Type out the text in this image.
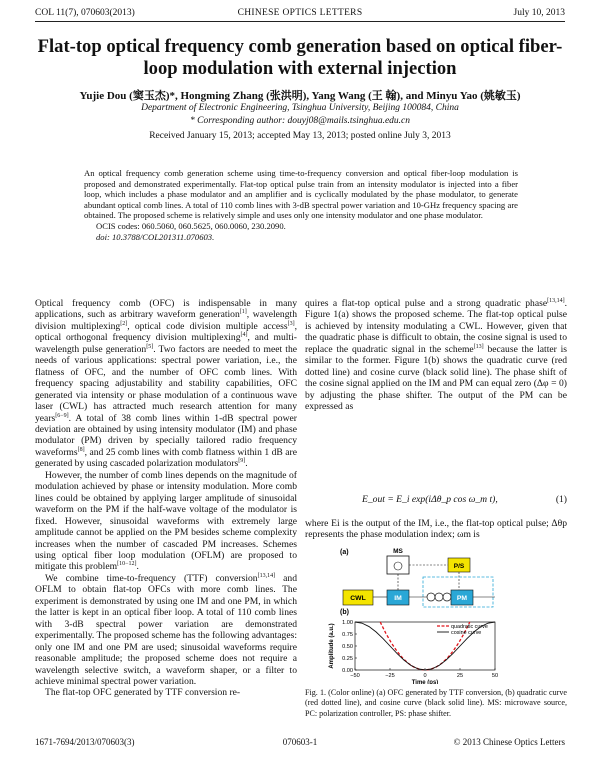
COL 11(7), 070603(2013)	CHINESE OPTICS LETTERS	July 10, 2013
Flat-top optical frequency comb generation based on optical fiber-loop modulation with external injection
Yujie Dou (窦玉杰)*, Hongming Zhang (张洪明), Yang Wang (王 翰), and Minyu Yao (姚敏玉)
Department of Electronic Engineering, Tsinghua University, Beijing 100084, China
* Corresponding author: douyj08@mails.tsinghua.edu.cn
Received January 15, 2013; accepted May 13, 2013; posted online July 3, 2013
An optical frequency comb generation scheme using time-to-frequency conversion and optical fiber-loop modulation is proposed and demonstrated experimentally. Flat-top optical pulse train from an intensity modulator is injected into a fiber loop, which includes a phase modulator and an amplifier and is cyclically modulated by the phase modulator, to generate abundant optical comb lines. A total of 110 comb lines with 3-dB spectral power variation and 10-GHz frequency spacing are obtained. The proposed scheme is relatively simple and uses only one intensity modulator and one phase modulator.
OCIS codes: 060.5060, 060.5625, 060.0060, 230.2090.
doi: 10.3788/COL201311.070603.

Optical frequency comb (OFC) is indispensable in many applications, such as arbitrary waveform generation[1], wavelength division multiplexing[2], optical code division multiple access[3], optical orthogonal frequency division multiplexing[4], and multi-wavelength pulse generation[5]. Two factors are needed to meet the needs of various applications: spectral power variation, i.e., the flatness of OFC, and the number of OFC comb lines. With frequency spacing adjustability and stability capabilities, OFC generated via intensity or phase modulation of a continuous wave laser (CWL) has attracted much research attention for many years[6−9]. A total of 38 comb lines within 1-dB spectral power deviation are obtained by using intensity modulator (IM) and phase modulator (PM) driven by specially tailored radio frequency waveforms[8], and 25 comb lines with comb flatness within 1 dB are generated by using cascaded polarization modulators[9].

However, the number of comb lines depends on the magnitude of modulation achieved by phase or intensity modulation. More comb lines could be obtained by applying larger amplitude of sinusoidal waveform on the PM if the half-wave voltage of the modulator is fixed. However, sinusoidal waveforms with extremely large amplitude cannot be applied on the PM besides scheme complexity increases when the number of cascaded PM increases. Schemes using optical fiber loop modulation (OFLM) are proposed to mitigate this problem[10−12].

We combine time-to-frequency (TTF) conversion[13,14] and OFLM to obtain flat-top OFCs with more comb lines. The experiment is demonstrated by using one IM and one PM, in which the latter is kept in an optical fiber loop. A total of 110 comb lines with 3-dB spectral power variation are demonstrated experimentally. The proposed scheme has the following advantages: only one IM and one PM are used; sinusoidal waveforms require reasonable amplitude; the proposed scheme does not require a wavelength selective switch, a waveform shaper, or a filter to achieve minimal spectral power variation.

The flat-top OFC generated by TTF conversion re-

quires a flat-top optical pulse and a strong quadratic phase[13,14]. Figure 1(a) shows the proposed scheme. The flat-top optical pulse is achieved by intensity modulating a CWL. However, given that the quadratic phase is difficult to obtain, the cosine signal is used to replace the quadratic signal in the scheme[13] because the latter is similar to the former. Figure 1(b) shows the quadratic curve (red dotted line) and cosine curve (black solid line). The phase shift of the cosine signal applied on the IM and PM can equal zero (Δφ = 0) by adjusting the phase shifter. The output of the PM can be expressed as

E_out = E_i exp(iΔθ_p cos ω_m t),	(1)

where Ei is the output of the IM, i.e., the flat-top optical pulse; Δθp represents the phase modulation index; ωm is

(a)	MS
P/S
CWL	IM	PM
(b)
−50	−25	0	25	50
0.00
0.25
0.50
0.75
1.00
Time (ps)
Amplitude (a.u.)	quadratic curve
cosine curve
Fig. 1. (Color online) (a) OFC generated by TTF conversion, (b) quadratic curve (red dotted line), and cosine curve (black solid line). MS: microwave source, PC: polarization controller, PS: phase shifter.
1671-7694/2013/070603(3)	070603-1	© 2013 Chinese Optics Letters
